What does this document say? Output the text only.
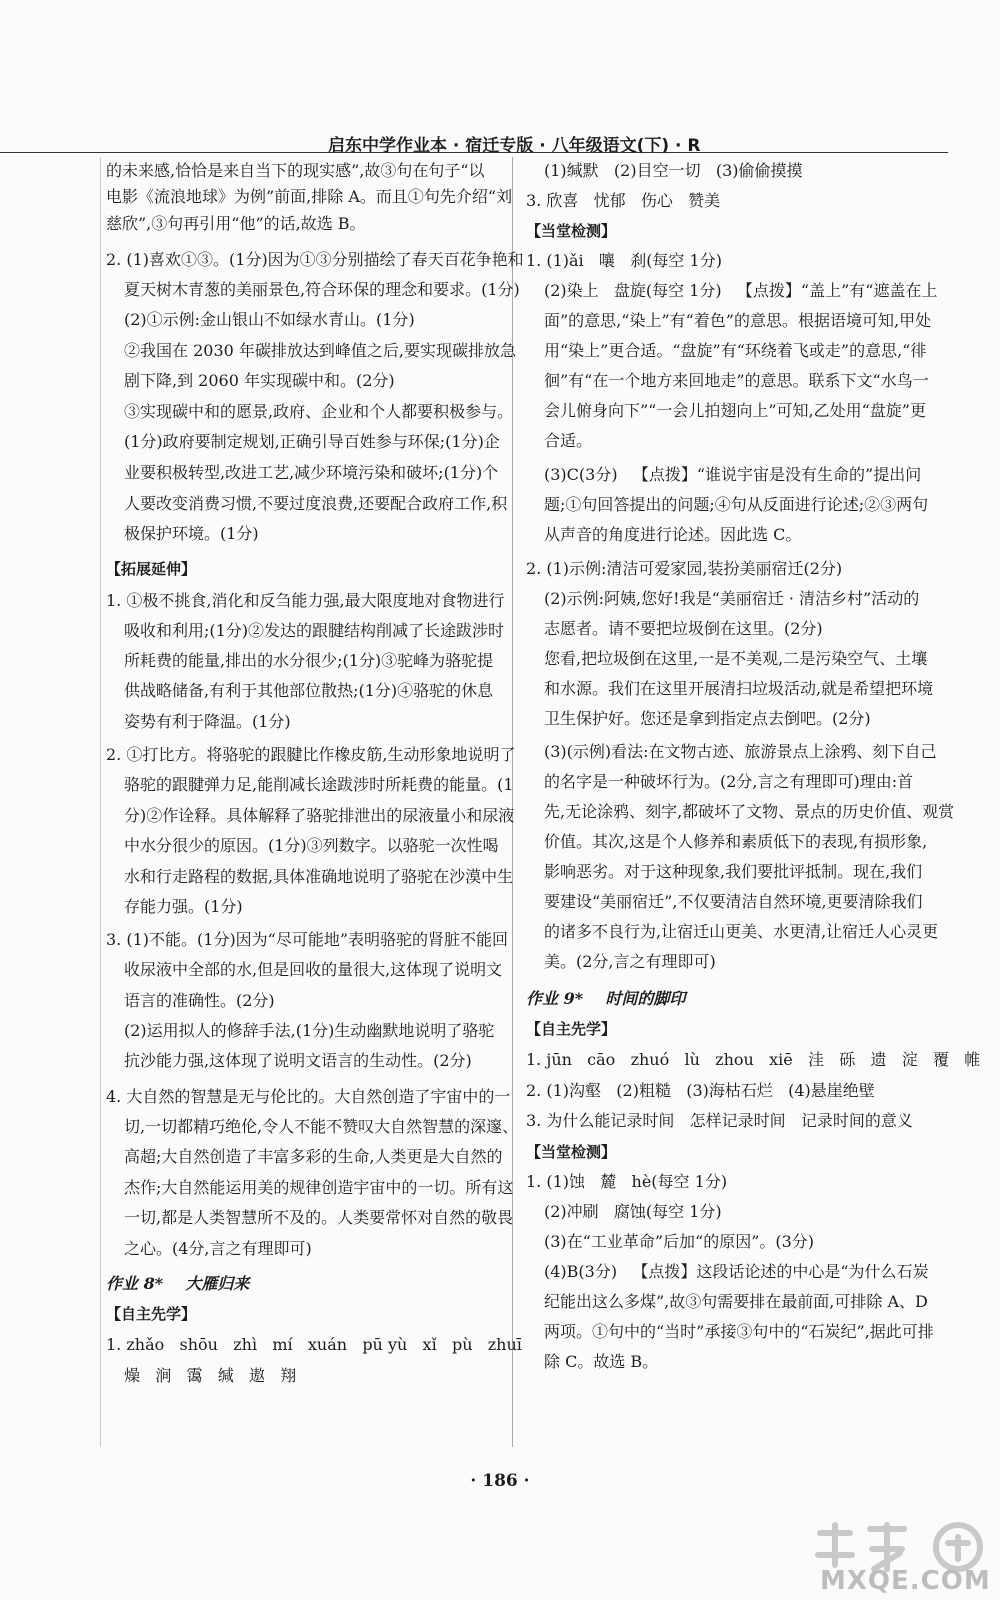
启东中学作业本 · 宿迁专版 · 八年级语文(下) · R
的未来感,恰恰是来自当下的现实感”,故③句在句子“以
电影《流浪地球》为例”前面,排除 A。而且①句先介绍“刘
慈欣”,③句再引用“他”的话,故选 B。
2. (1)喜欢①③。(1分)因为①③分别描绘了春天百花争艳和
夏天树木青葱的美丽景色,符合环保的理念和要求。(1分)
(2)①示例:金山银山不如绿水青山。(1分)
②我国在 2030 年碳排放达到峰值之后,要实现碳排放急
剧下降,到 2060 年实现碳中和。(2分)
③实现碳中和的愿景,政府、企业和个人都要积极参与。
(1分)政府要制定规划,正确引导百姓参与环保;(1分)企
业要积极转型,改进工艺,减少环境污染和破坏;(1分)个
人要改变消费习惯,不要过度浪费,还要配合政府工作,积
极保护环境。(1分)
【拓展延伸】
1. ①极不挑食,消化和反刍能力强,最大限度地对食物进行
吸收和利用;(1分)②发达的跟腱结构削减了长途跋涉时
所耗费的能量,排出的水分很少;(1分)③驼峰为骆驼提
供战略储备,有利于其他部位散热;(1分)④骆驼的休息
姿势有利于降温。(1分)
2. ①打比方。将骆驼的跟腱比作橡皮筋,生动形象地说明了
骆驼的跟腱弹力足,能削减长途跋涉时所耗费的能量。(1
分)②作诠释。具体解释了骆驼排泄出的尿液量小和尿液
中水分很少的原因。(1分)③列数字。以骆驼一次性喝
水和行走路程的数据,具体准确地说明了骆驼在沙漠中生
存能力强。(1分)
3. (1)不能。(1分)因为“尽可能地”表明骆驼的肾脏不能回
收尿液中全部的水,但是回收的量很大,这体现了说明文
语言的准确性。(2分)
(2)运用拟人的修辞手法,(1分)生动幽默地说明了骆驼
抗沙能力强,这体现了说明文语言的生动性。(2分)
4. 大自然的智慧是无与伦比的。大自然创造了宇宙中的一
切,一切都精巧绝伦,令人不能不赞叹大自然智慧的深邃、
高超;大自然创造了丰富多彩的生命,人类更是大自然的
杰作;大自然能运用美的规律创造宇宙中的一切。所有这
一切,都是人类智慧所不及的。人类要常怀对自然的敬畏
之心。(4分,言之有理即可)
作业 8*    大雁归来
【自主先学】
1. zhǎo   shōu   zhì   mí   xuán   pū yù   xǐ   pù   zhuī
燥   涧   霭   缄   遨   翔
(1)缄默   (2)目空一切   (3)偷偷摸摸
3. 欣喜   忧郁   伤心   赞美
【当堂检测】
1. (1)ǎi   嚷   刹(每空 1分)
(2)染上   盘旋(每空 1分)   【点拨】“盖上”有“遮盖在上
面”的意思,“染上”有“着色”的意思。根据语境可知,甲处
用“染上”更合适。“盘旋”有“环绕着飞或走”的意思,“徘
徊”有“在一个地方来回地走”的意思。联系下文“水鸟一
会儿俯身向下”“一会儿拍翅向上”可知,乙处用“盘旋”更
合适。
(3)C(3分)   【点拨】“谁说宇宙是没有生命的”提出问
题;①句回答提出的问题;④句从反面进行论述;②③两句
从声音的角度进行论述。因此选 C。
2. (1)示例:清洁可爱家园,装扮美丽宿迁(2分)
(2)示例:阿姨,您好!我是“美丽宿迁 · 清洁乡村”活动的
志愿者。请不要把垃圾倒在这里。(2分)
您看,把垃圾倒在这里,一是不美观,二是污染空气、土壤
和水源。我们在这里开展清扫垃圾活动,就是希望把环境
卫生保护好。您还是拿到指定点去倒吧。(2分)
(3)(示例)看法:在文物古迹、旅游景点上涂鸦、刻下自己
的名字是一种破坏行为。(2分,言之有理即可)理由:首
先,无论涂鸦、刻字,都破坏了文物、景点的历史价值、观赏
价值。其次,这是个人修养和素质低下的表现,有损形象,
影响恶劣。对于这种现象,我们要批评抵制。现在,我们
要建设“美丽宿迁”,不仅要清洁自然环境,更要清除我们
的诸多不良行为,让宿迁山更美、水更清,让宿迁人心灵更
美。(2分,言之有理即可)
作业 9*    时间的脚印
【自主先学】
1. jūn   cāo   zhuó   lù   zhou   xiē   洼   砾   遗   淀   覆   帷
2. (1)沟壑   (2)粗糙   (3)海枯石烂   (4)悬崖绝壁
3. 为什么能记录时间   怎样记录时间   记录时间的意义
【当堂检测】
1. (1)蚀   麓   hè(每空 1分)
(2)冲刷   腐蚀(每空 1分)
(3)在“工业革命”后加“的原因”。(3分)
(4)B(3分)   【点拨】这段话论述的中心是“为什么石炭
纪能出这么多煤”,故③句需要排在最前面,可排除 A、D
两项。①句中的“当时”承接③句中的“石炭纪”,据此可排
除 C。故选 B。
· 186 ·
MXQE.COM
